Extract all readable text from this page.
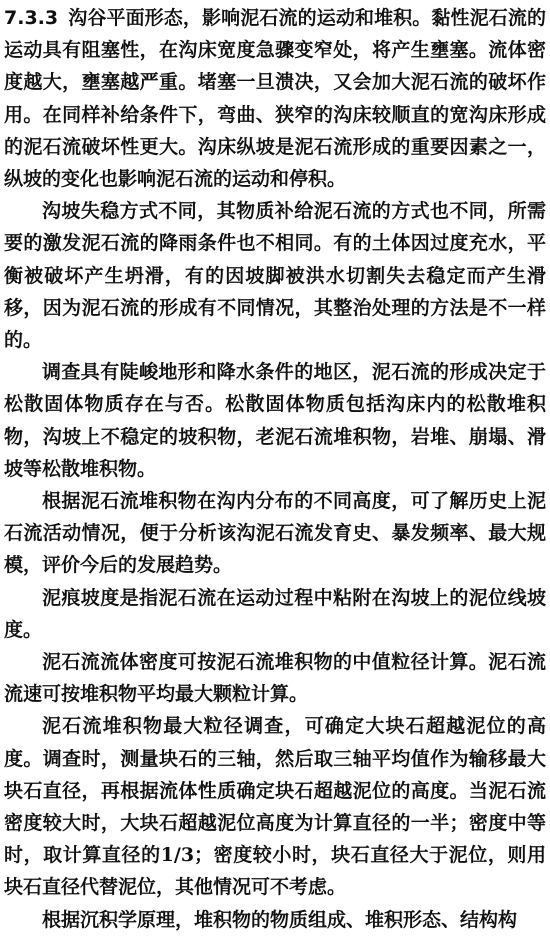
7.3.3 沟谷平面形态，影响泥石流的运动和堆积。黏性泥石流的运动具有阻塞性，在沟床宽度急骤变窄处，将产生壅塞。流体密度越大，壅塞越严重。堵塞一旦溃决，又会加大泥石流的破坏作用。在同样补给条件下，弯曲、狭窄的沟床较顺直的宽沟床形成的泥石流破坏性更大。沟床纵坡是泥石流形成的重要因素之一，纵坡的变化也影响泥石流的运动和停积。

沟坡失稳方式不同，其物质补给泥石流的方式也不同，所需要的激发泥石流的降雨条件也不相同。有的土体因过度充水，平衡被破坏产生坍滑，有的因坡脚被洪水切割失去稳定而产生滑移，因为泥石流的形成有不同情况，其整治处理的方法是不一样的。

调查具有陡峻地形和降水条件的地区，泥石流的形成决定于松散固体物质存在与否。松散固体物质包括沟床内的松散堆积物，沟坡上不稳定的坡积物，老泥石流堆积物，岩堆、崩塌、滑坡等松散堆积物。

根据泥石流堆积物在沟内分布的不同高度，可了解历史上泥石流活动情况，便于分析该沟泥石流发育史、暴发频率、最大规模，评价今后的发展趋势。

泥痕坡度是指泥石流在运动过程中粘附在沟坡上的泥位线坡度。

泥石流流体密度可按泥石流堆积物的中值粒径计算。泥石流流速可按堆积物平均最大颗粒计算。

泥石流堆积物最大粒径调查，可确定大块石超越泥位的高度。调查时，测量块石的三轴，然后取三轴平均值作为输移最大块石直径，再根据流体性质确定块石超越泥位的高度。当泥石流密度较大时，大块石超越泥位高度为计算直径的一半；密度中等时，取计算直径的1/3；密度较小时，块石直径大于泥位，则用块石直径代替泥位，其他情况可不考虑。

根据沉积学原理，堆积物的物质组成、堆积形态、结构构
